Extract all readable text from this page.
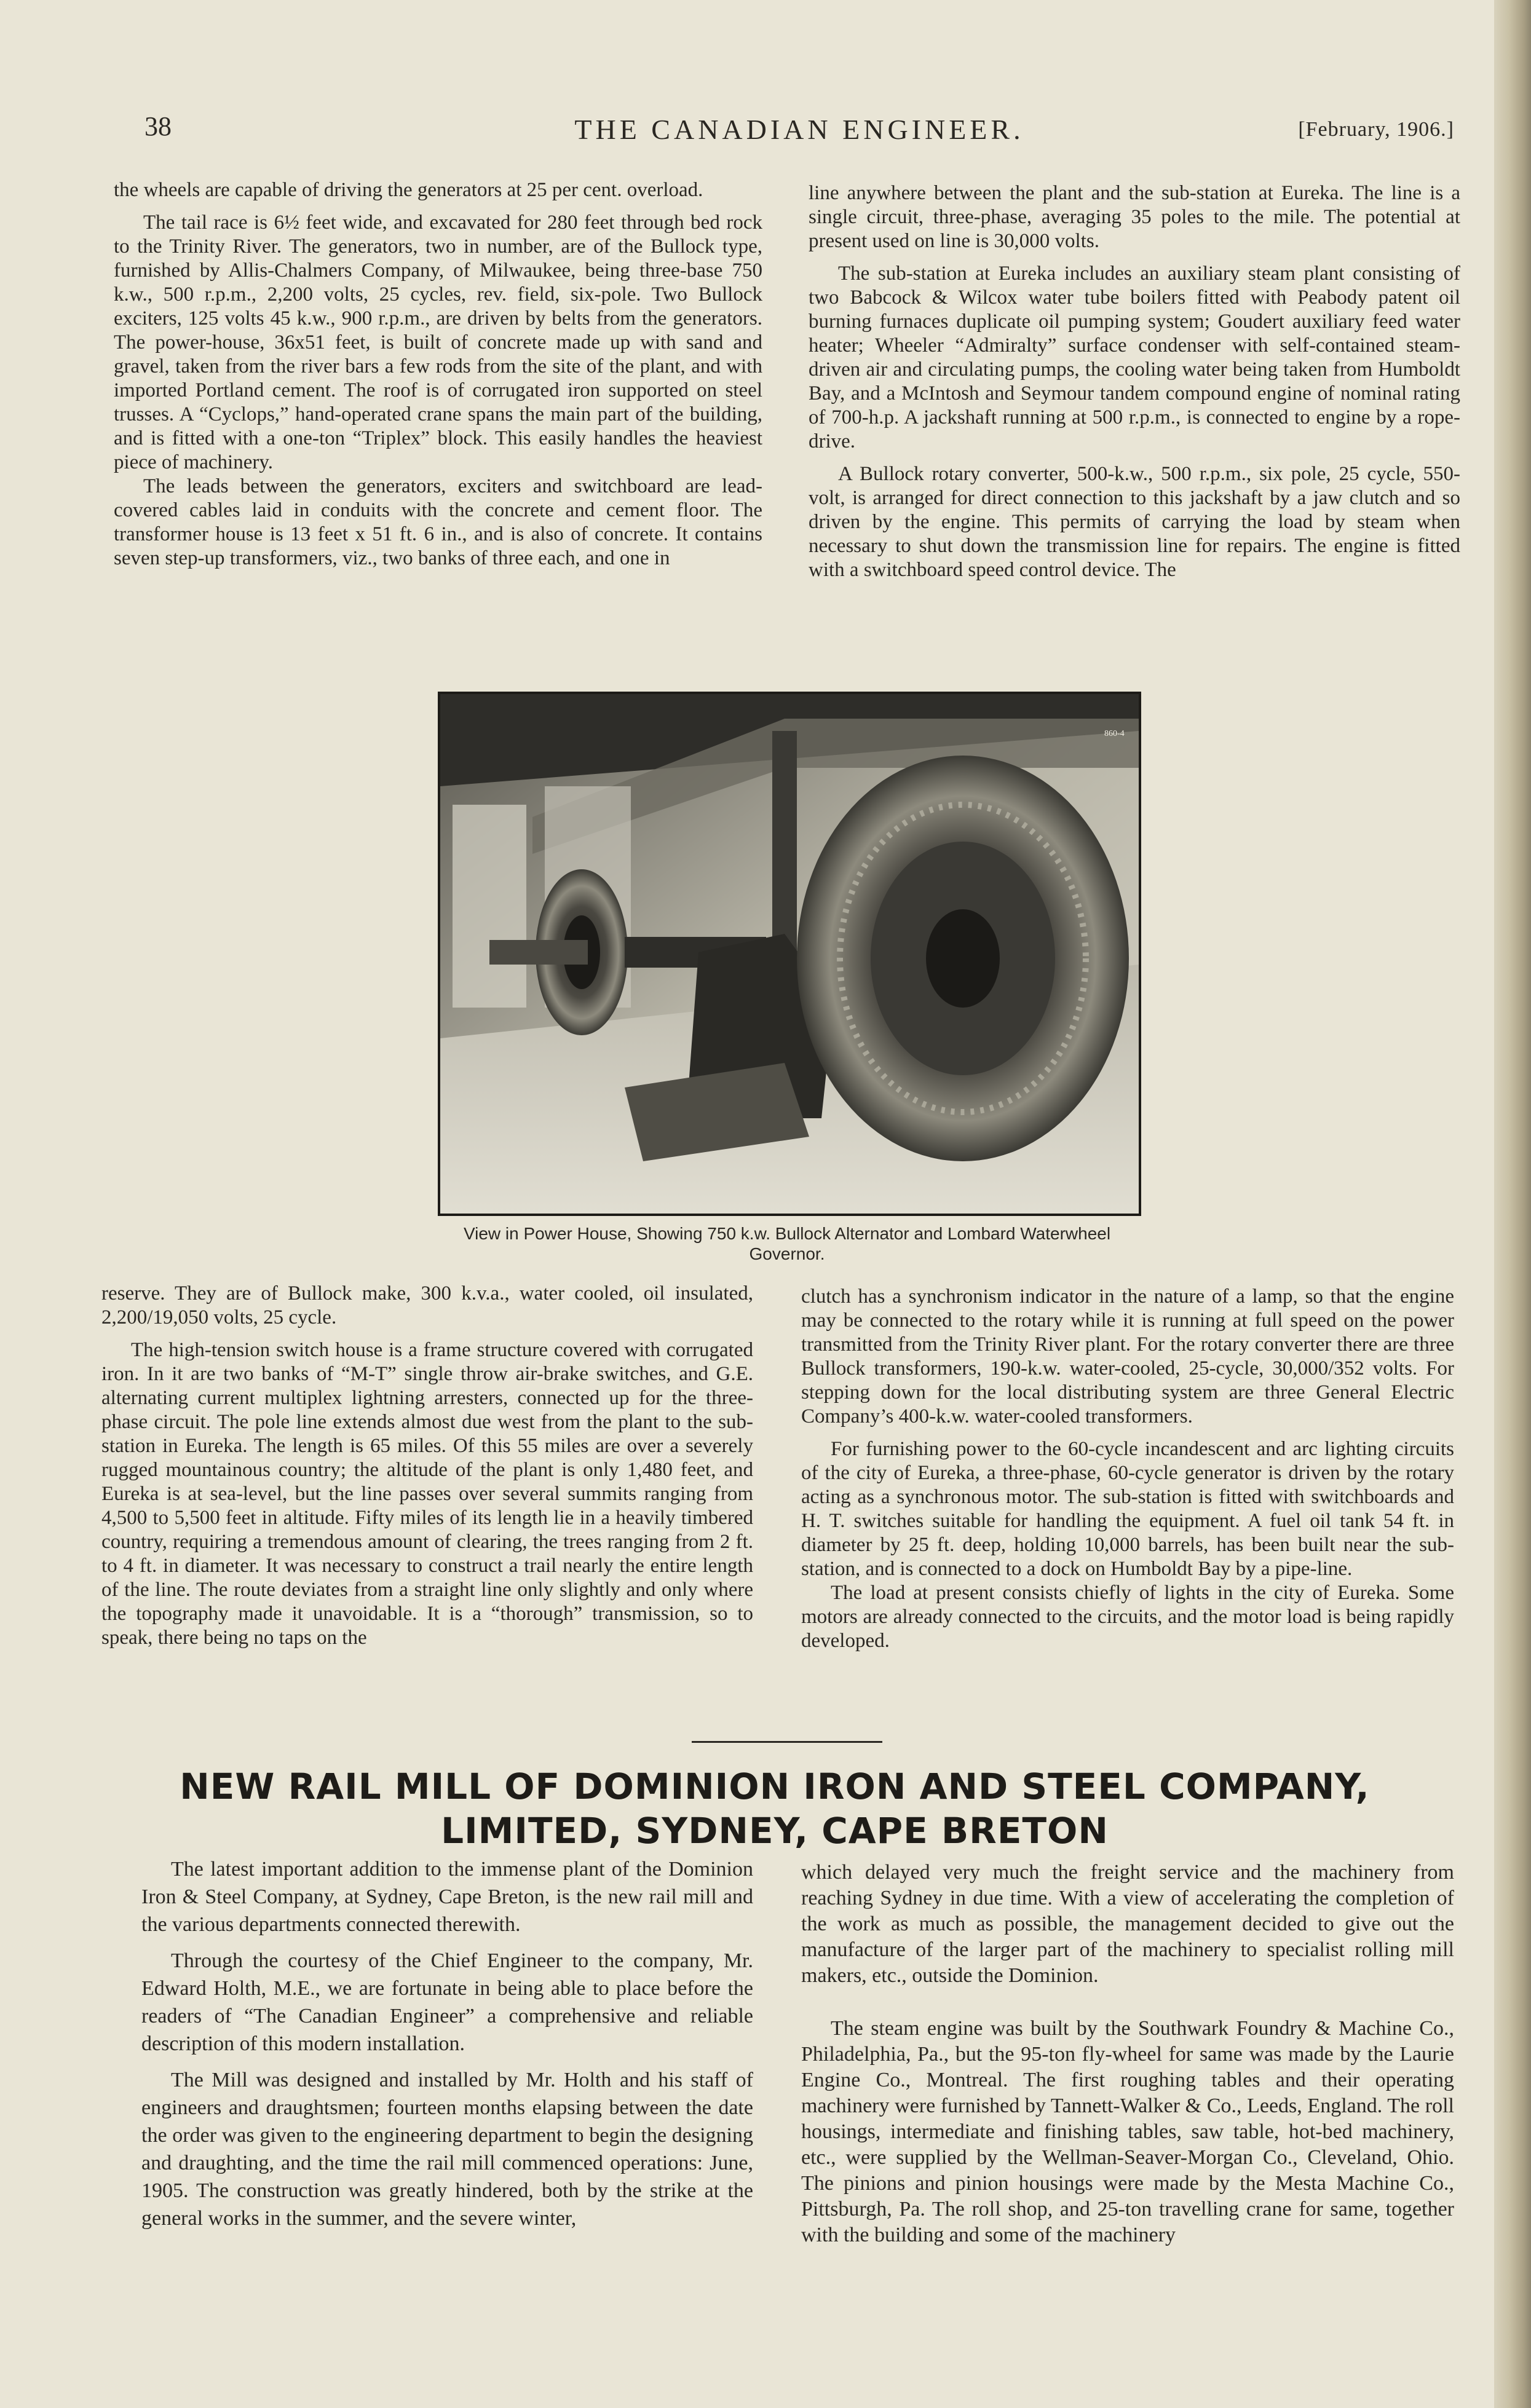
38	THE CANADIAN ENGINEER.	[February, 1906.]

the wheels are capable of driving the generators at 25 per cent. overload.

The tail race is 6½ feet wide, and excavated for 280 feet through bed rock to the Trinity River. The generators, two in number, are of the Bullock type, furnished by Allis-Chalmers Company, of Milwaukee, being three-base 750 k.w., 500 r.p.m., 2,200 volts, 25 cycles, rev. field, six-pole. Two Bullock exciters, 125 volts 45 k.w., 900 r.p.m., are driven by belts from the generators. The power-house, 36x51 feet, is built of concrete made up with sand and gravel, taken from the river bars a few rods from the site of the plant, and with imported Portland cement. The roof is of corrugated iron supported on steel trusses. A “Cyclops,” hand-operated crane spans the main part of the building, and is fitted with a one-ton “Triplex” block. This easily handles the heaviest piece of machinery.

The leads between the generators, exciters and switchboard are lead-covered cables laid in conduits with the concrete and cement floor. The transformer house is 13 feet x 51 ft. 6 in., and is also of concrete. It contains seven step-up transformers, viz., two banks of three each, and one in

line anywhere between the plant and the sub-station at Eureka. The line is a single circuit, three-phase, averaging 35 poles to the mile. The potential at present used on line is 30,000 volts.

The sub-station at Eureka includes an auxiliary steam plant consisting of two Babcock & Wilcox water tube boilers fitted with Peabody patent oil burning furnaces duplicate oil pumping system; Goudert auxiliary feed water heater; Wheeler “Admiralty” surface condenser with self-contained steam-driven air and circulating pumps, the cooling water being taken from Humboldt Bay, and a McIntosh and Seymour tandem compound engine of nominal rating of 700-h.p. A jackshaft running at 500 r.p.m., is connected to engine by a rope-drive.

A Bullock rotary converter, 500-k.w., 500 r.p.m., six pole, 25 cycle, 550-volt, is arranged for direct connection to this jackshaft by a jaw clutch and so driven by the engine. This permits of carrying the load by steam when necessary to shut down the transmission line for repairs. The engine is fitted with a switchboard speed control device. The

860-4
View in Power House, Showing 750 k.w. Bullock Alternator and Lombard Waterwheel Governor.

reserve. They are of Bullock make, 300 k.v.a., water cooled, oil insulated, 2,200/19,050 volts, 25 cycle.

The high-tension switch house is a frame structure covered with corrugated iron. In it are two banks of “M-T” single throw air-brake switches, and G.E. alternating current multiplex lightning arresters, connected up for the three-phase circuit. The pole line extends almost due west from the plant to the sub-station in Eureka. The length is 65 miles. Of this 55 miles are over a severely rugged mountainous country; the altitude of the plant is only 1,480 feet, and Eureka is at sea-level, but the line passes over several summits ranging from 4,500 to 5,500 feet in altitude. Fifty miles of its length lie in a heavily timbered country, requiring a tremendous amount of clearing, the trees ranging from 2 ft. to 4 ft. in diameter. It was necessary to construct a trail nearly the entire length of the line. The route deviates from a straight line only slightly and only where the topography made it unavoidable. It is a “thorough” transmission, so to speak, there being no taps on the

clutch has a synchronism indicator in the nature of a lamp, so that the engine may be connected to the rotary while it is running at full speed on the power transmitted from the Trinity River plant. For the rotary converter there are three Bullock transformers, 190-k.w. water-cooled, 25-cycle, 30,000/352 volts. For stepping down for the local distributing system are three General Electric Company’s 400-k.w. water-cooled transformers.

For furnishing power to the 60-cycle incandescent and arc lighting circuits of the city of Eureka, a three-phase, 60-cycle generator is driven by the rotary acting as a synchronous motor. The sub-station is fitted with switchboards and H. T. switches suitable for handling the equipment. A fuel oil tank 54 ft. in diameter by 25 ft. deep, holding 10,000 barrels, has been built near the sub-station, and is connected to a dock on Humboldt Bay by a pipe-line.

The load at present consists chiefly of lights in the city of Eureka. Some motors are already connected to the circuits, and the motor load is being rapidly developed.

NEW RAIL MILL OF DOMINION IRON AND STEEL COMPANY,
LIMITED, SYDNEY, CAPE BRETON

The latest important addition to the immense plant of the Dominion Iron & Steel Company, at Sydney, Cape Breton, is the new rail mill and the various departments connected therewith.

Through the courtesy of the Chief Engineer to the company, Mr. Edward Holth, M.E., we are fortunate in being able to place before the readers of “The Canadian Engineer” a comprehensive and reliable description of this modern installation.

The Mill was designed and installed by Mr. Holth and his staff of engineers and draughtsmen; fourteen months elapsing between the date the order was given to the engineering department to begin the designing and draughting, and the time the rail mill commenced operations: June, 1905. The construction was greatly hindered, both by the strike at the general works in the summer, and the severe winter,

which delayed very much the freight service and the machinery from reaching Sydney in due time. With a view of accelerating the completion of the work as much as possible, the management decided to give out the manufacture of the larger part of the machinery to specialist rolling mill makers, etc., outside the Dominion.

The steam engine was built by the Southwark Foundry & Machine Co., Philadelphia, Pa., but the 95-ton fly-wheel for same was made by the Laurie Engine Co., Montreal. The first roughing tables and their operating machinery were furnished by Tannett-Walker & Co., Leeds, England. The roll housings, intermediate and finishing tables, saw table, hot-bed machinery, etc., were supplied by the Wellman-Seaver-Morgan Co., Cleveland, Ohio. The pinions and pinion housings were made by the Mesta Machine Co., Pittsburgh, Pa. The roll shop, and 25-ton travelling crane for same, together with the building and some of the machinery
